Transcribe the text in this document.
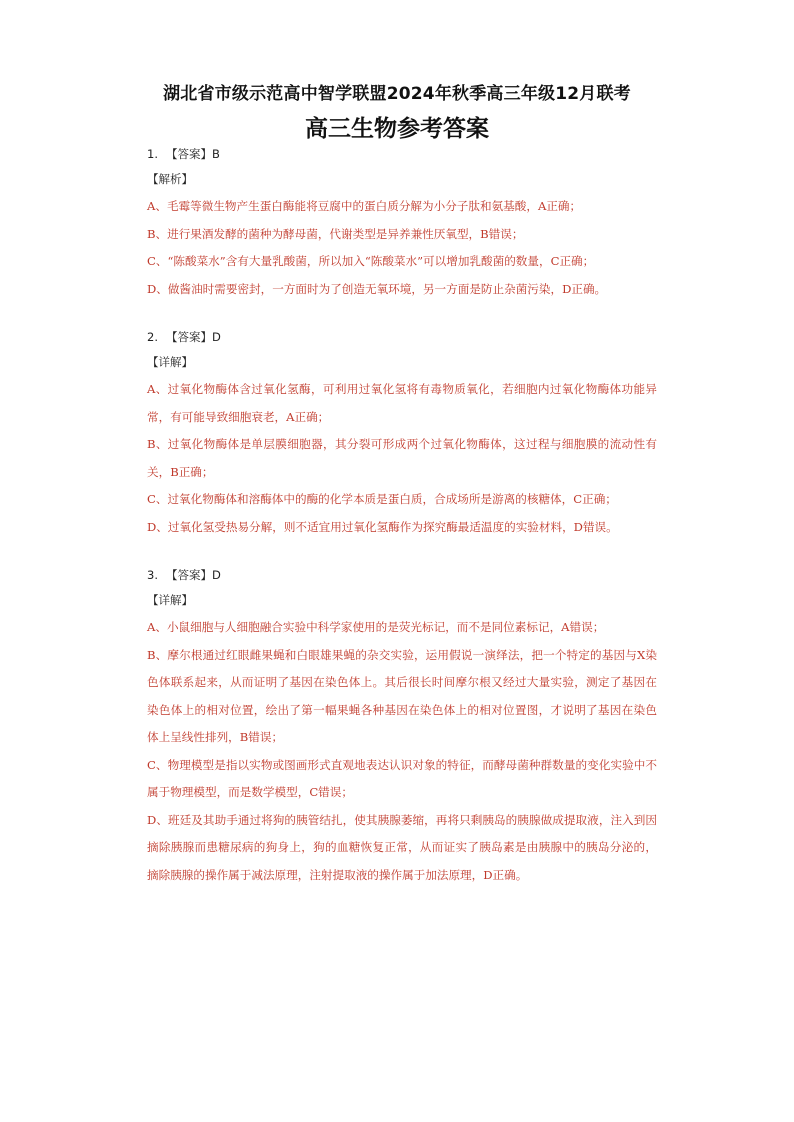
湖北省市级示范高中智学联盟2024年秋季高三年级12月联考
高三生物参考答案
1. 【答案】B
【解析】
A、毛霉等微生物产生蛋白酶能将豆腐中的蛋白质分解为小分子肽和氨基酸，A正确；
B、进行果酒发酵的菌种为酵母菌，代谢类型是异养兼性厌氧型，B错误；
C、“陈酸菜水”含有大量乳酸菌，所以加入“陈酸菜水”可以增加乳酸菌的数量，C正确；
D、做酱油时需要密封，一方面时为了创造无氧环境，另一方面是防止杂菌污染，D正确。
2. 【答案】D
【详解】
A、过氧化物酶体含过氧化氢酶，可利用过氧化氢将有毒物质氧化，若细胞内过氧化物酶体功能异常，有可能导致细胞衰老，A正确；
B、过氧化物酶体是单层膜细胞器，其分裂可形成两个过氧化物酶体，这过程与细胞膜的流动性有关，B正确；
C、过氧化物酶体和溶酶体中的酶的化学本质是蛋白质，合成场所是游离的核糖体，C正确；
D、过氧化氢受热易分解，则不适宜用过氧化氢酶作为探究酶最适温度的实验材料，D错误。
3. 【答案】D
【详解】
A、小鼠细胞与人细胞融合实验中科学家使用的是荧光标记，而不是同位素标记，A错误；
B、摩尔根通过红眼雌果蝇和白眼雄果蝇的杂交实验，运用假说一演绎法，把一个特定的基因与X染色体联系起来，从而证明了基因在染色体上。其后很长时间摩尔根又经过大量实验，测定了基因在染色体上的相对位置，绘出了第一幅果蝇各种基因在染色体上的相对位置图，才说明了基因在染色体上呈线性排列，B错误；
C、物理模型是指以实物或图画形式直观地表达认识对象的特征，而酵母菌种群数量的变化实验中不属于物理模型，而是数学模型，C错误；
D、班廷及其助手通过将狗的胰管结扎，使其胰腺萎缩，再将只剩胰岛的胰腺做成提取液，注入到因摘除胰腺而患糖尿病的狗身上，狗的血糖恢复正常，从而证实了胰岛素是由胰腺中的胰岛分泌的，摘除胰腺的操作属于减法原理，注射提取液的操作属于加法原理，D正确。
